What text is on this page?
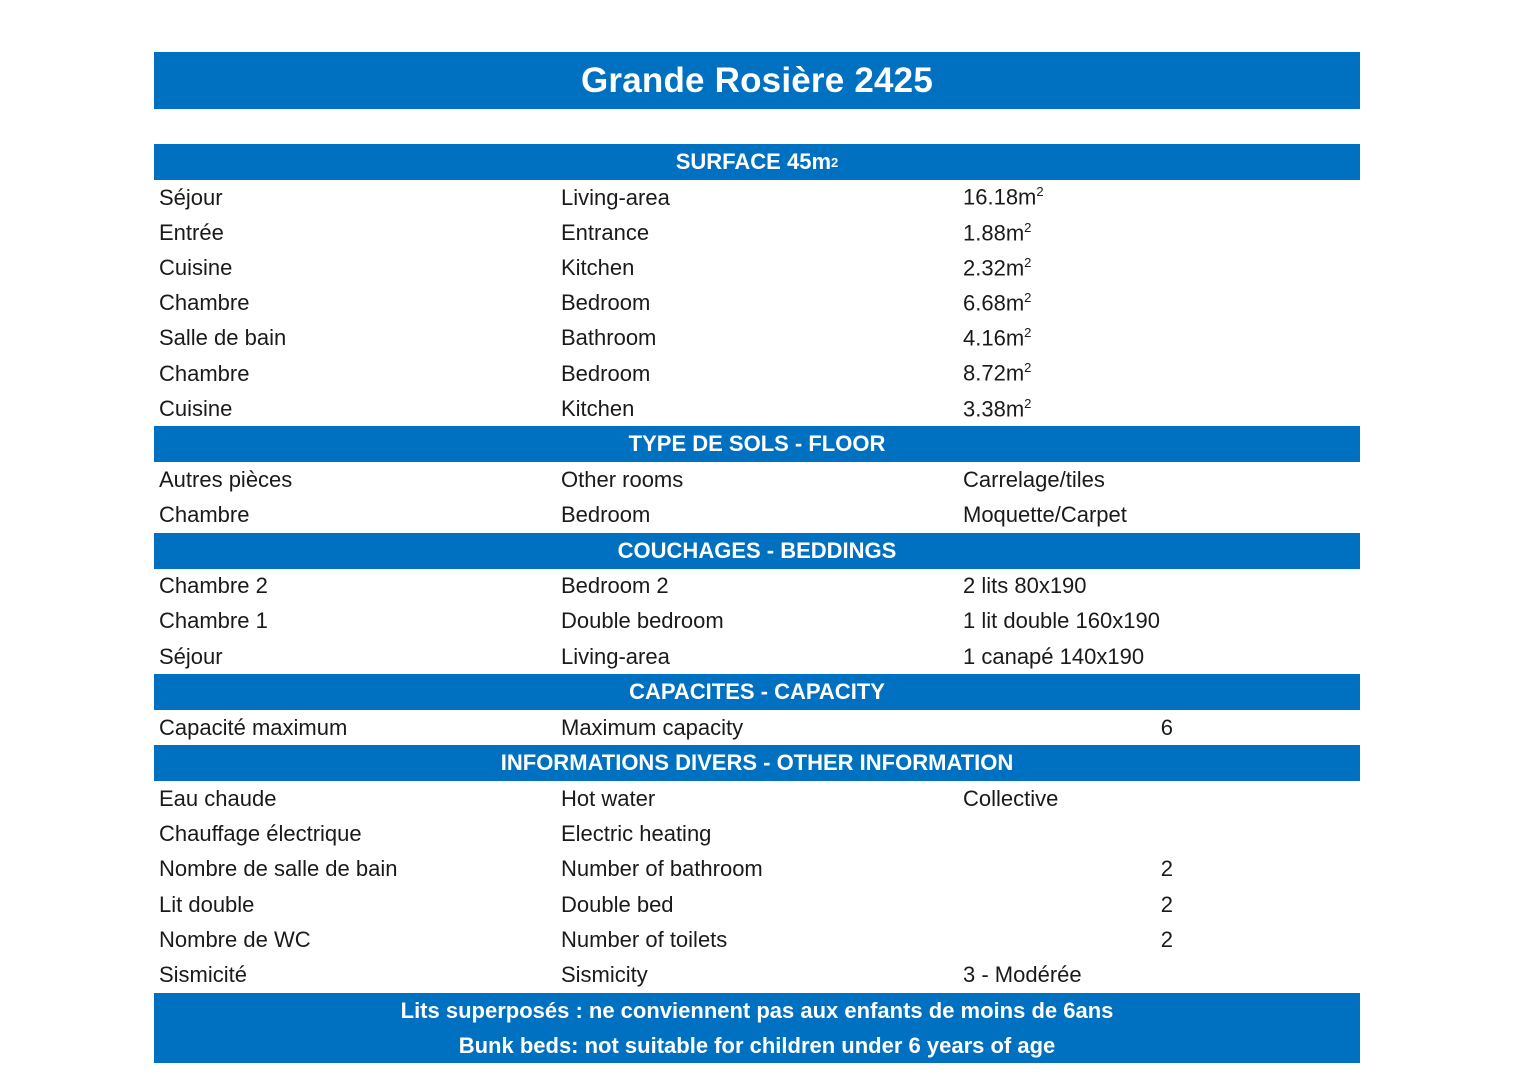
Grande Rosière 2425
SURFACE 45m 2
Séjour	Living-area	$16.18m^2$
Entrée	Entrance	$1.88m^2$
Cuisine	Kitchen	$2.32m^2$
Chambre	Bedroom	$6.68m^2$
Salle de bain	Bathroom	$4.16m^2$
Chambre	Bedroom	$8.72m^2$
Cuisine	Kitchen	$3.38m^2$
TYPE DE SOLS - FLOOR
Autres pièces	Other rooms	Carrelage/tiles
Chambre	Bedroom	Moquette/Carpet
COUCHAGES - BEDDINGS
Chambre 2	Bedroom 2	2 lits 80x190
Chambre 1	Double bedroom	1 lit double 160x190
Séjour	Living-area	1 canapé 140x190
CAPACITES - CAPACITY
Capacité maximum	Maximum capacity	6
INFORMATIONS DIVERS - OTHER INFORMATION
Eau chaude	Hot water	Collective
Chauffage électrique	Electric heating
Nombre de salle de bain	Number of bathroom	2
Lit double	Double bed	2
Nombre de WC	Number of toilets	2
Sismicité	Sismicity	3 - Modérée
Lits superposés : ne conviennent pas aux enfants de moins de 6ans
Bunk beds: not suitable for children under 6 years of age
